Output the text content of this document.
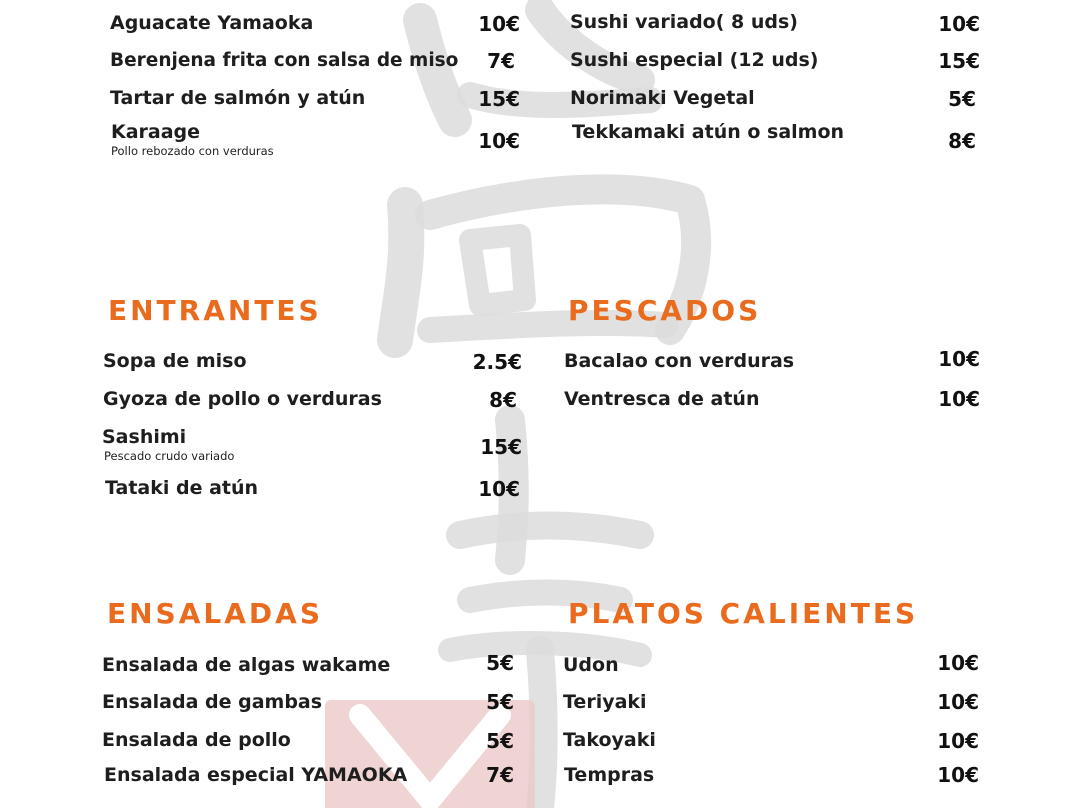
Aguacate Yamaoka	10€
Berenjena frita con salsa de miso	7€
Tartar de salmón y atún	15€
Karaage
Pollo rebozado con verduras	10€
Sushi variado( 8 uds)	10€
Sushi especial (12 uds)	15€
Norimaki Vegetal	5€
Tekkamaki atún o salmon	8€
ENTRANTES
Sopa de miso	2.5€
Gyoza de pollo o verduras	8€
Sashimi
Pescado crudo variado	15€
Tataki de atún	10€
PESCADOS
Bacalao con verduras	10€
Ventresca de atún	10€
ENSALADAS
Ensalada de algas wakame	5€
Ensalada de gambas	5€
Ensalada de pollo	5€
Ensalada especial YAMAOKA	7€
PLATOS CALIENTES
Udon	10€
Teriyaki	10€
Takoyaki	10€
Tempras	10€
